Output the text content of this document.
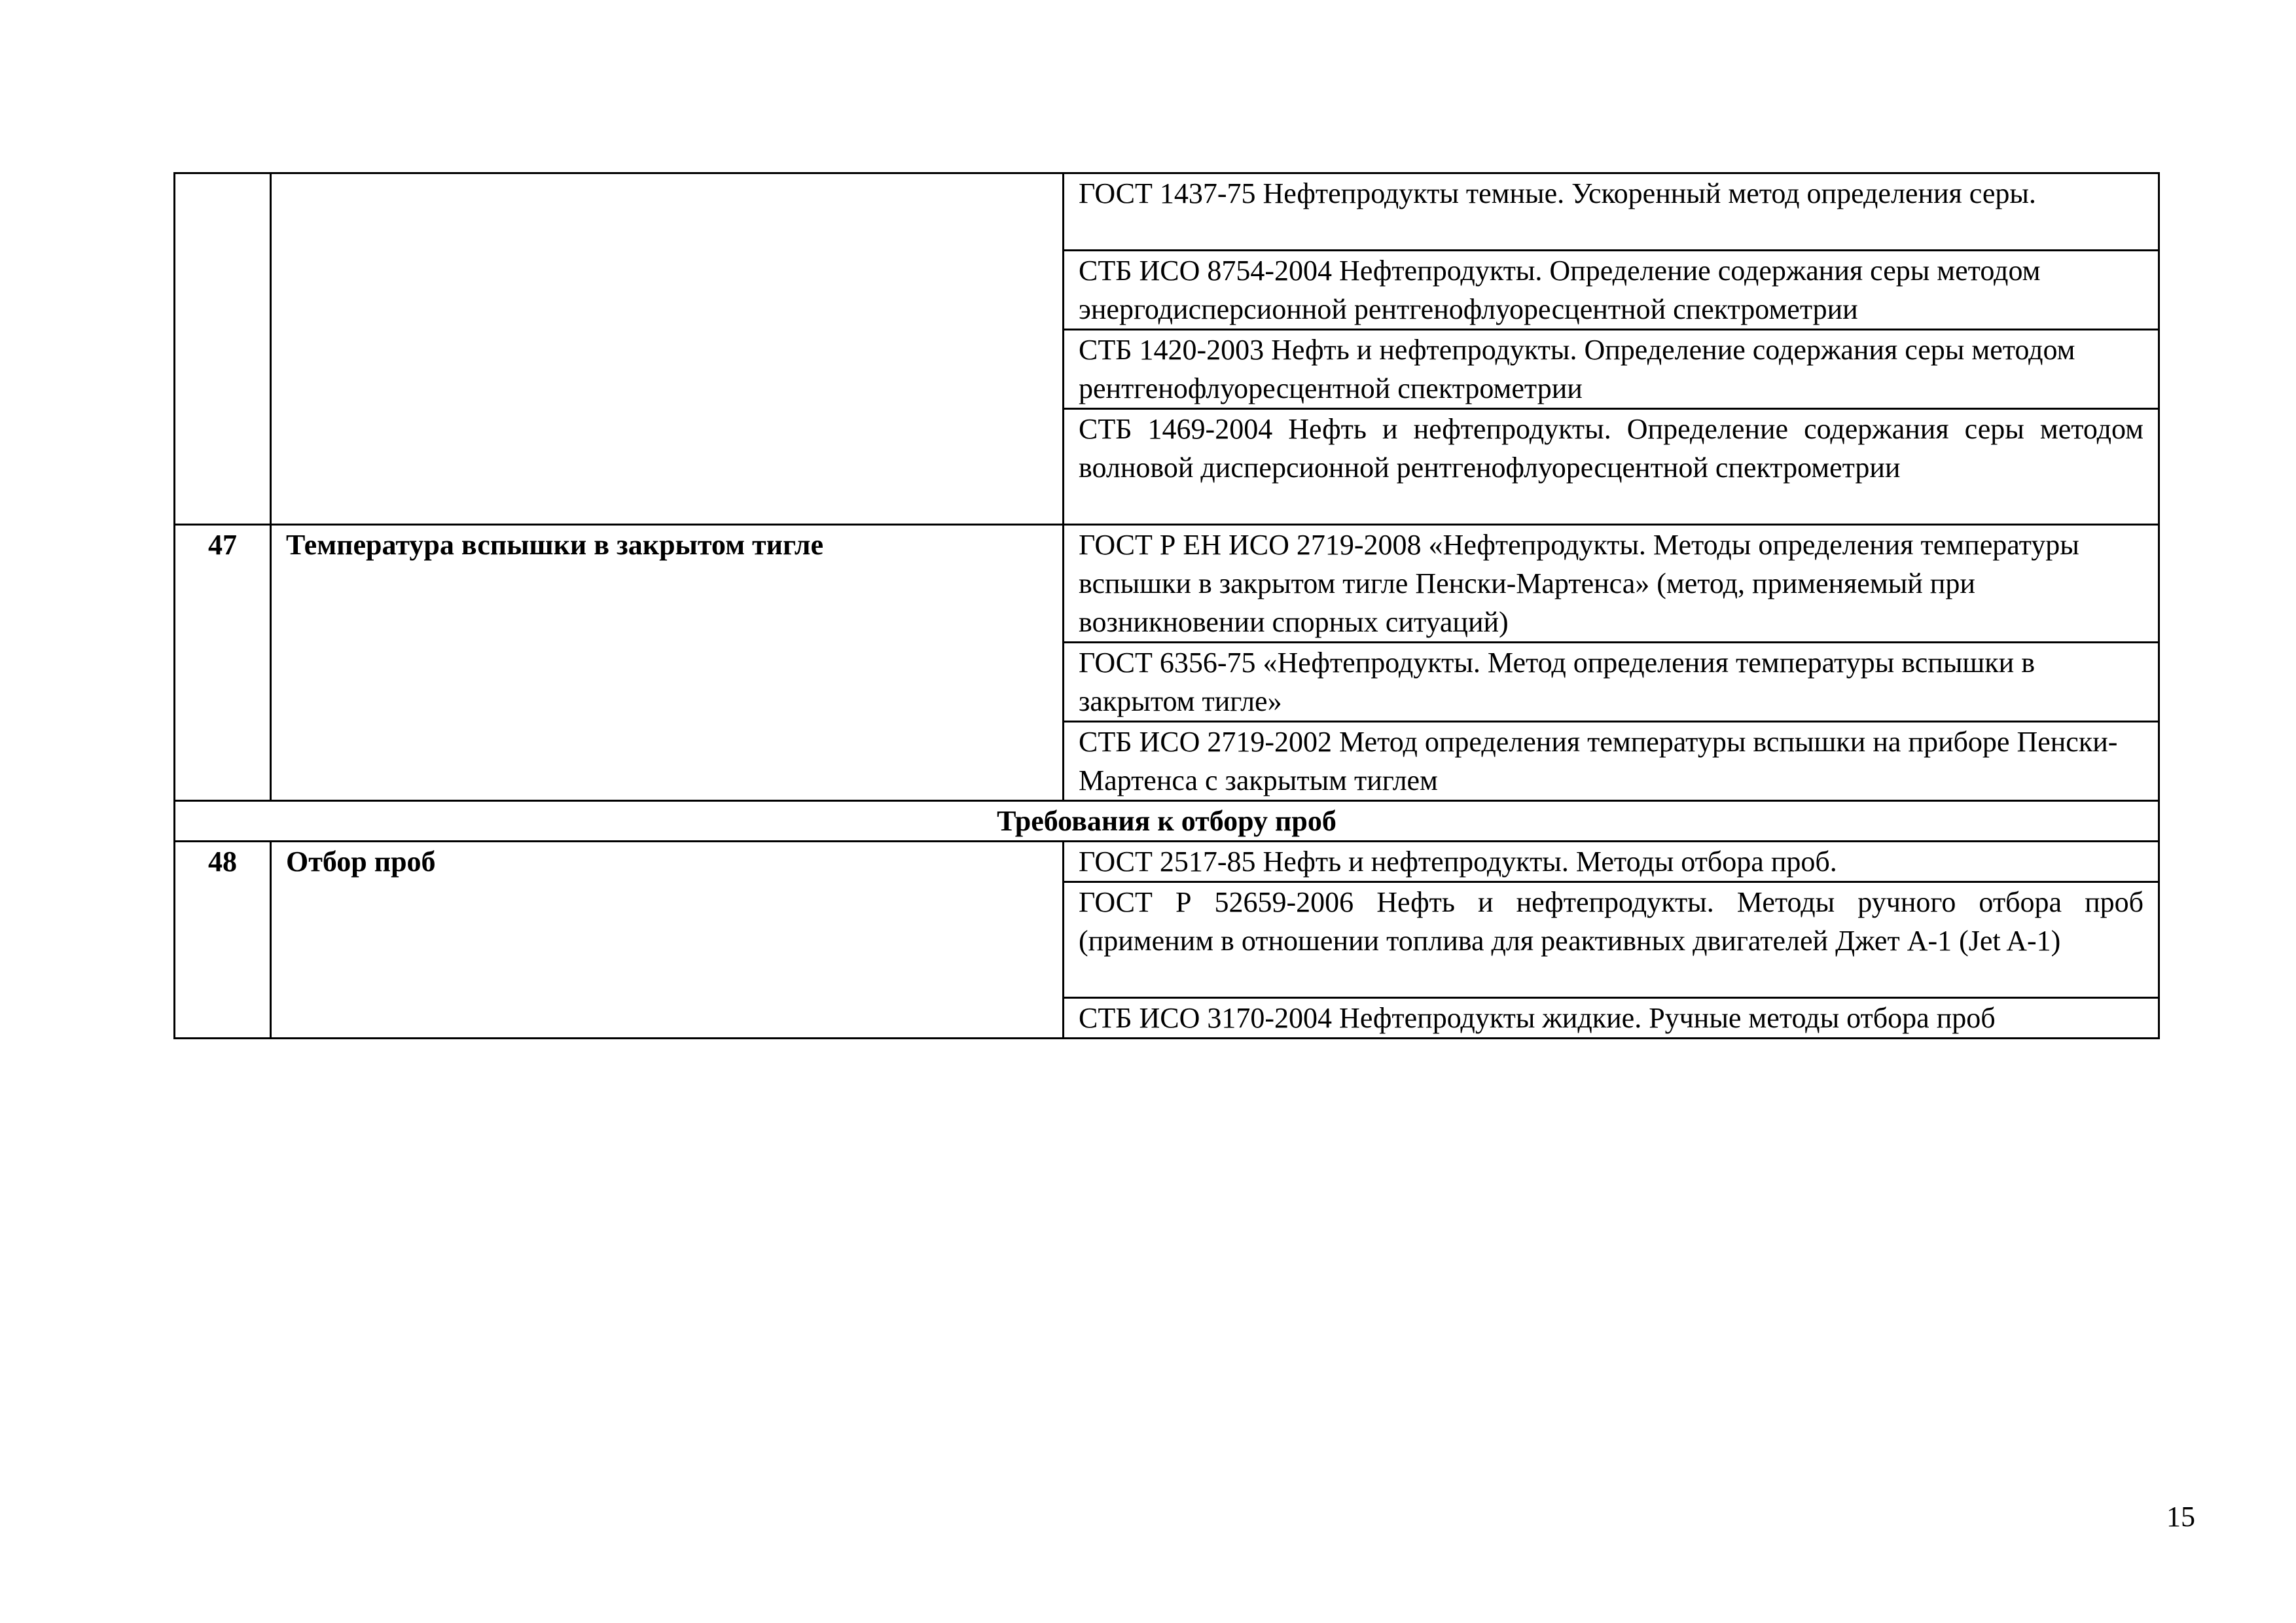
		ГОСТ 1437-75 Нефтепродукты темные. Ускоренный метод определения серы.
		СТБ ИСО 8754-2004 Нефтепродукты. Определение содержания серы методом энергодисперсионной рентгенофлуоресцентной спектрометрии
		СТБ 1420-2003 Нефть и нефтепродукты. Определение содержания серы методом рентгенофлуоресцентной спектрометрии
		СТБ 1469-2004 Нефть и нефтепродукты. Определение содержания серы методом волновой дисперсионной рентгенофлуоресцентной спектрометрии
47	Температура вспышки в закрытом тигле	ГОСТ Р ЕН ИСО 2719-2008 «Нефтепродукты. Методы определения температуры вспышки в закрытом тигле Пенски-Мартенса» (метод, применяемый при возникновении спорных ситуаций)
		ГОСТ 6356-75 «Нефтепродукты. Метод определения температуры вспышки в закрытом тигле»
		СТБ ИСО 2719-2002 Метод определения температуры вспышки на приборе Пенски-Мартенса с закрытым тиглем
Требования к отбору проб		
48	Отбор проб	ГОСТ 2517-85 Нефть и нефтепродукты. Методы отбора проб.
		ГОСТ Р 52659-2006 Нефть и нефтепродукты. Методы ручного отбора проб (применим в отношении топлива для реактивных двигателей Джет А-1 (Jet A-1)
		СТБ ИСО 3170-2004 Нефтепродукты жидкие. Ручные методы отбора проб
15
